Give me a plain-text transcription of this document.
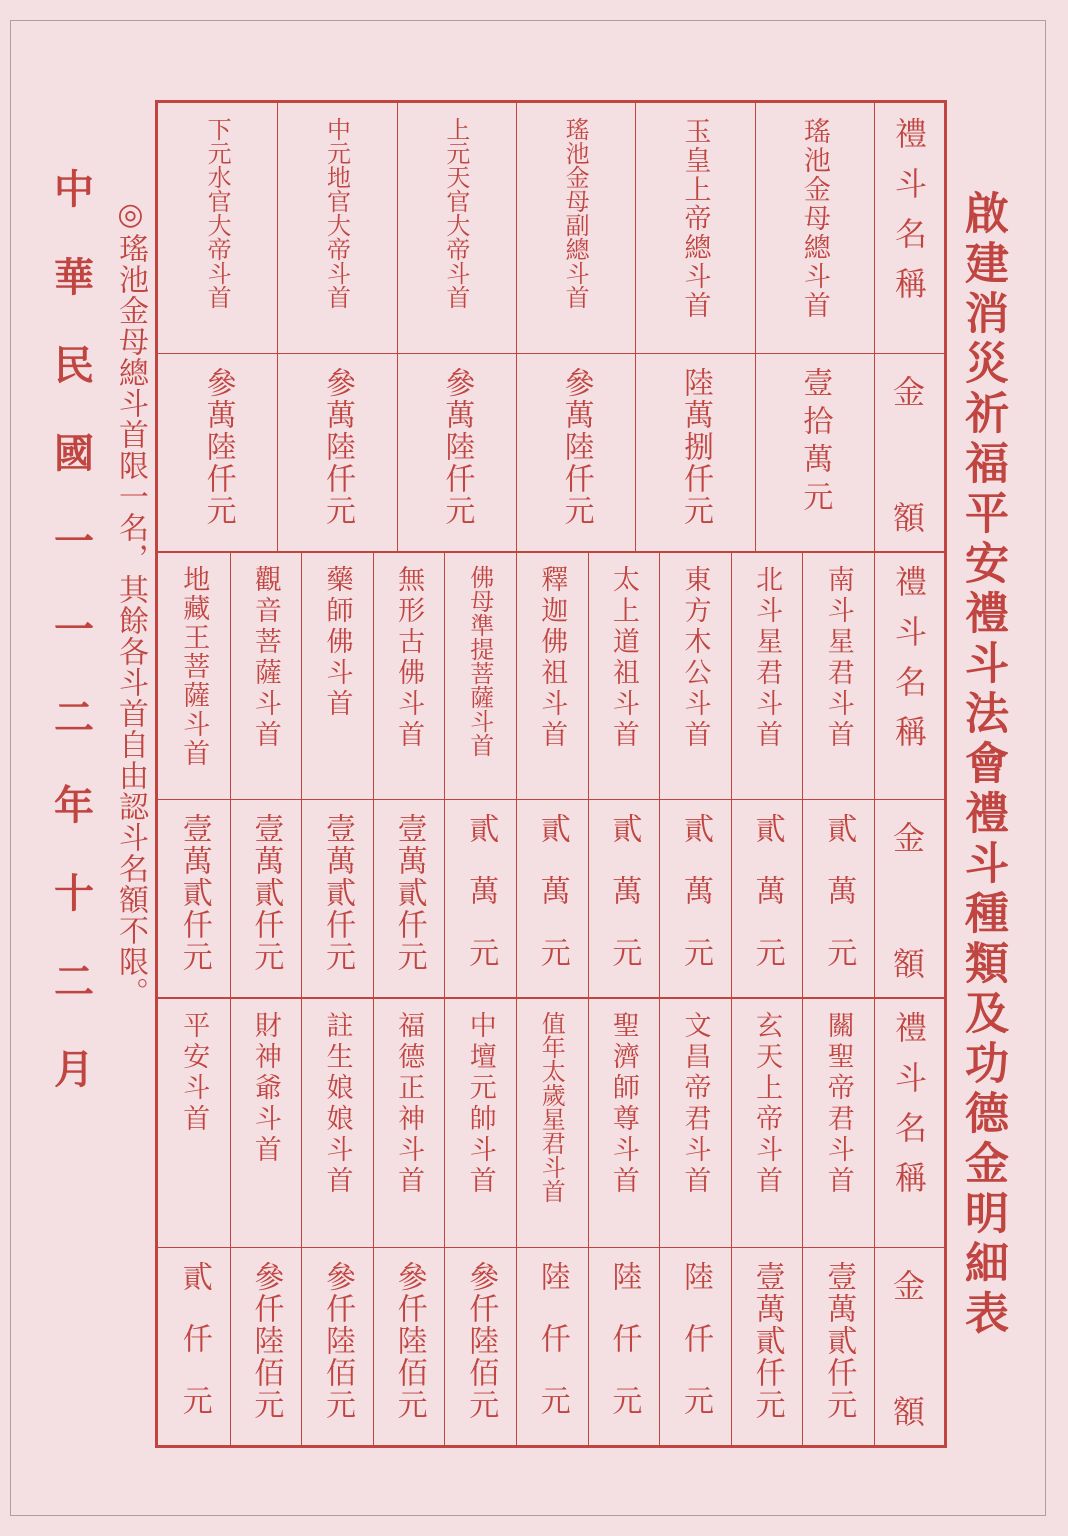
啟建消災祈福平安禮斗法會禮斗種類及功德金明細表
禮斗名稱
金
額
瑤池金母總斗首
壹拾萬元
玉皇上帝總斗首
陸萬捌仟元
瑤池金母副總斗首
參萬陸仟元
上元天官大帝斗首
參萬陸仟元
中元地官大帝斗首
參萬陸仟元
下元水官大帝斗首
參萬陸仟元
禮斗名稱
金
額
南斗星君斗首
貳萬元
北斗星君斗首
貳萬元
東方木公斗首
貳萬元
太上道祖斗首
貳萬元
釋迦佛祖斗首
貳萬元
佛母準提菩薩斗首
貳萬元
無形古佛斗首
壹萬貳仟元
藥師佛斗首
壹萬貳仟元
觀音菩薩斗首
壹萬貳仟元
地藏王菩薩斗首
壹萬貳仟元
禮斗名稱
金
額
關聖帝君斗首
壹萬貳仟元
玄天上帝斗首
壹萬貳仟元
文昌帝君斗首
陸仟元
聖濟師尊斗首
陸仟元
值年太歲星君斗首
陸仟元
中壇元帥斗首
參仟陸佰元
福德正神斗首
參仟陸佰元
註生娘娘斗首
參仟陸佰元
財神爺斗首
參仟陸佰元
平安斗首
貳仟元
◎瑤池金母總斗首限一名，其餘各斗首自由認斗名額不限。
中
華
民
國
一
一
二
年
十
二
月
